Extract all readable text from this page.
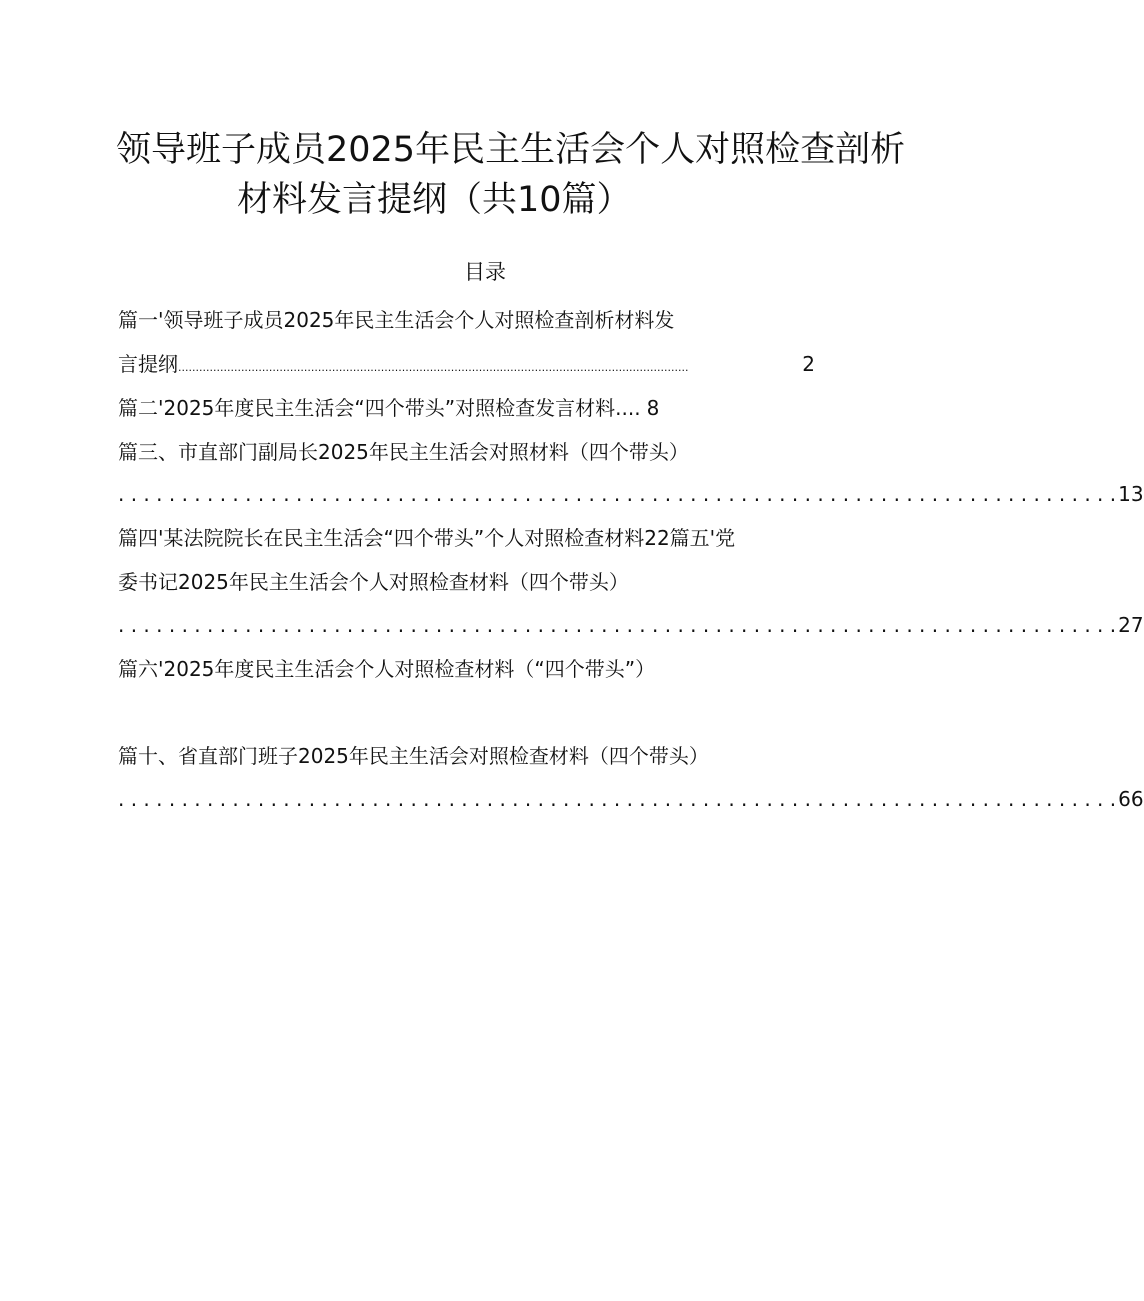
领导班子成员2025年民主生活会个人对照检查剖析
材料发言提纲（共10篇）
目录
篇一'领导班子成员2025年民主生活会个人对照检查剖析材料发
言提纲 ..................................................................................................................................................	2
篇二'2025年度民主生活会“四个带头”对照检查发言材料.... 8
篇三、市直部门副局长2025年民主生活会对照材料（四个带头）
. . . . . . . . . . . . . . . . . . . . . . . . . . . . . . . . . . . . . . . . . . . . . . . . . . . . . . . . . . . . . . . . . . . . . . . . . . . . . . . 13
篇四'某法院院长在民主生活会“四个带头”个人对照检查材料22篇五'党
委书记2025年民主生活会个人对照检查材料（四个带头）
. . . . . . . . . . . . . . . . . . . . . . . . . . . . . . . . . . . . . . . . . . . . . . . . . . . . . . . . . . . . . . . . . . . . . . . . . . . . . . . 27
篇六'2025年度民主生活会个人对照检查材料（“四个带头”）
篇十、省直部门班子2025年民主生活会对照检查材料（四个带头）
. . . . . . . . . . . . . . . . . . . . . . . . . . . . . . . . . . . . . . . . . . . . . . . . . . . . . . . . . . . . . . . . . . . . . . . . . . . . . . . 66
